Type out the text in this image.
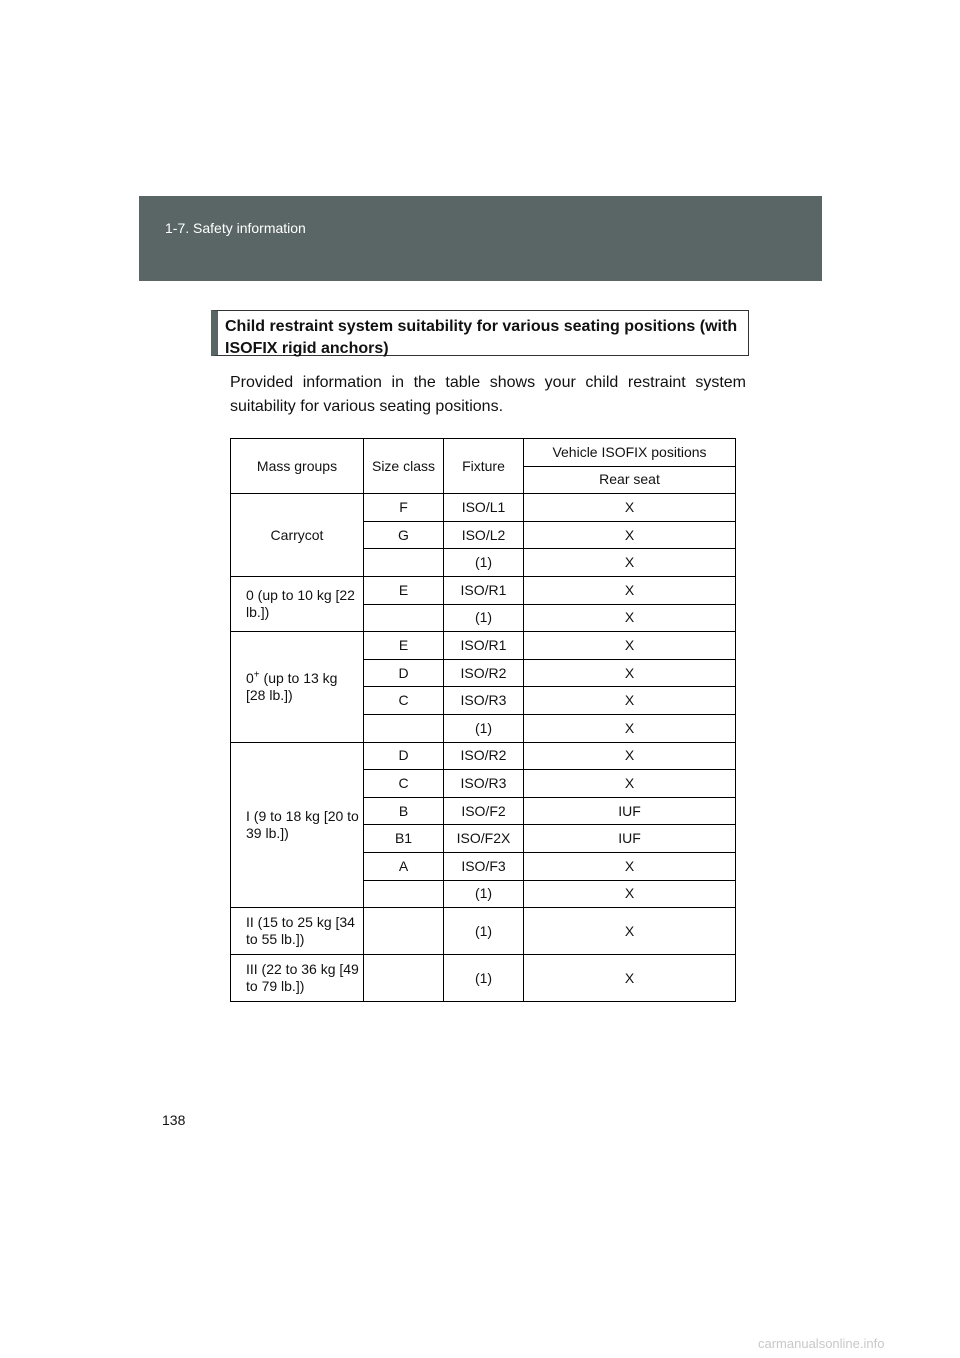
1-7. Safety information
Child restraint system suitability for various seating positions (with ISOFIX rigid anchors)
Provided information in the table shows your child restraint system suitability for various seating positions.
Mass groups	Size class	Fixture	Vehicle ISOFIX positions
			Rear seat
Carrycot	F	ISO/L1	X
	G	ISO/L2	X
		(1)	X
0 (up to 10 kg [22 lb.])	E	ISO/R1	X
		(1)	X
0+ (up to 13 kg [28 lb.])	E	ISO/R1	X
	D	ISO/R2	X
	C	ISO/R3	X
		(1)	X
I (9 to 18 kg [20 to 39 lb.])	D	ISO/R2	X
	C	ISO/R3	X
	B	ISO/F2	IUF
	B1	ISO/F2X	IUF
	A	ISO/F3	X
		(1)	X
II (15 to 25 kg [34 to 55 lb.])		(1)	X
III (22 to 36 kg [49 to 79 lb.])		(1)	X
138
carmanualsonline.info
